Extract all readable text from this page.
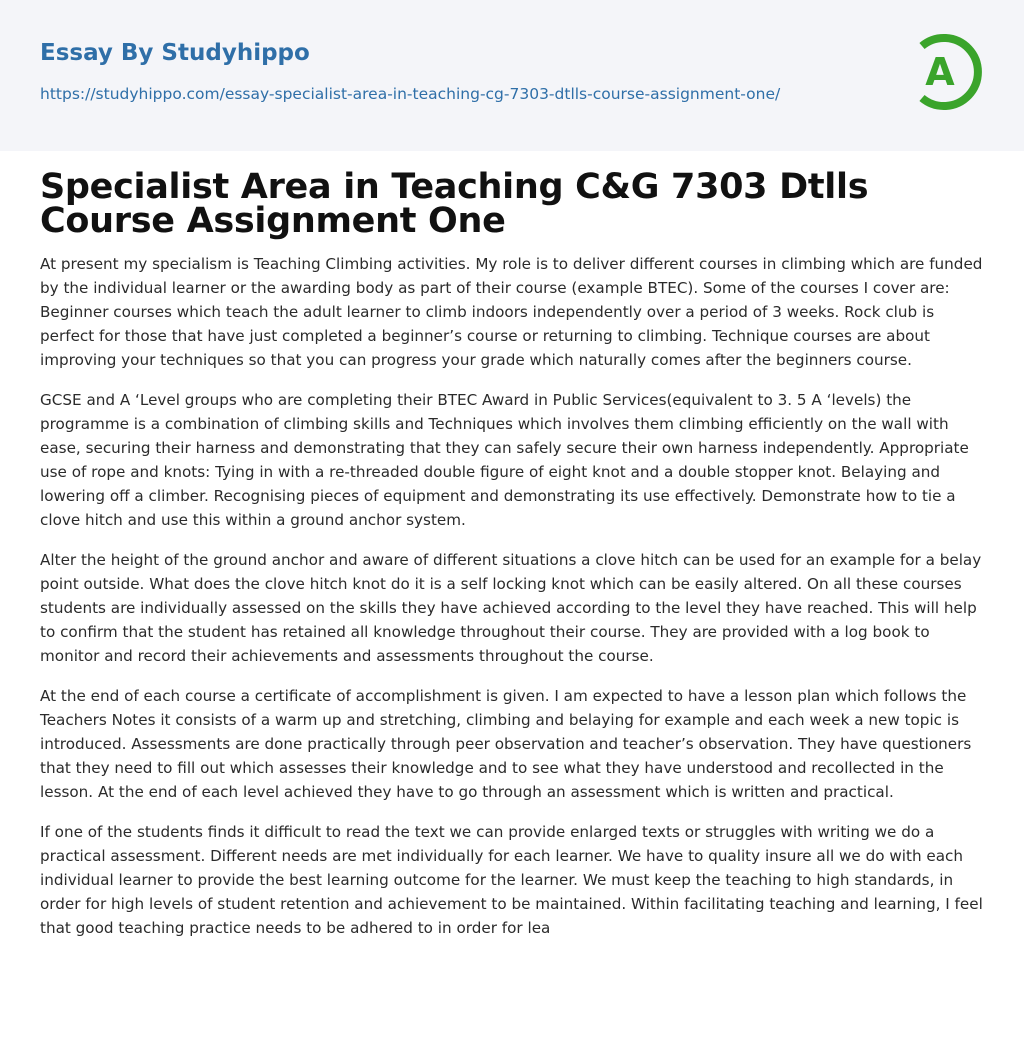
Essay By Studyhippo
https://studyhippo.com/essay-specialist-area-in-teaching-cg-7303-dtlls-course-assignment-one/	A
Specialist Area in Teaching C&G 7303 Dtlls Course Assignment One

At present my specialism is Teaching Climbing activities. My role is to deliver different courses in climbing which are funded by the individual learner or the awarding body as part of their course (example BTEC). Some of the courses I cover are: Beginner courses which teach the adult learner to climb indoors independently over a period of 3 weeks. Rock club is perfect for those that have just completed a beginner’s course or returning to climbing. Technique courses are about improving your techniques so that you can progress your grade which naturally comes after the beginners course.

GCSE and A ‘Level groups who are completing their BTEC Award in Public Services(equivalent to 3. 5 A ‘levels) the programme is a combination of climbing skills and Techniques which involves them climbing efficiently on the wall with ease, securing their harness and demonstrating that they can safely secure their own harness independently. Appropriate use of rope and knots: Tying in with a re-threaded double figure of eight knot and a double stopper knot. Belaying and lowering off a climber. Recognising pieces of equipment and demonstrating its use effectively. Demonstrate how to tie a clove hitch and use this within a ground anchor system.

Alter the height of the ground anchor and aware of different situations a clove hitch can be used for an example for a belay point outside. What does the clove hitch knot do it is a self locking knot which can be easily altered. On all these courses students are individually assessed on the skills they have achieved according to the level they have reached. This will help to confirm that the student has retained all knowledge throughout their course. They are provided with a log book to monitor and record their achievements and assessments throughout the course.

At the end of each course a certificate of accomplishment is given. I am expected to have a lesson plan which follows the Teachers Notes it consists of a warm up and stretching, climbing and belaying for example and each week a new topic is introduced. Assessments are done practically through peer observation and teacher’s observation. They have questioners that they need to fill out which assesses their knowledge and to see what they have understood and recollected in the lesson. At the end of each level achieved they have to go through an assessment which is written and practical.

If one of the students finds it difficult to read the text we can provide enlarged texts or struggles with writing we do a practical assessment. Different needs are met individually for each learner. We have to quality insure all we do with each individual learner to provide the best learning outcome for the learner. We must keep the teaching to high standards, in order for high levels of student retention and achievement to be maintained. Within facilitating teaching and learning, I feel that good teaching practice needs to be adhered to in order for lea
